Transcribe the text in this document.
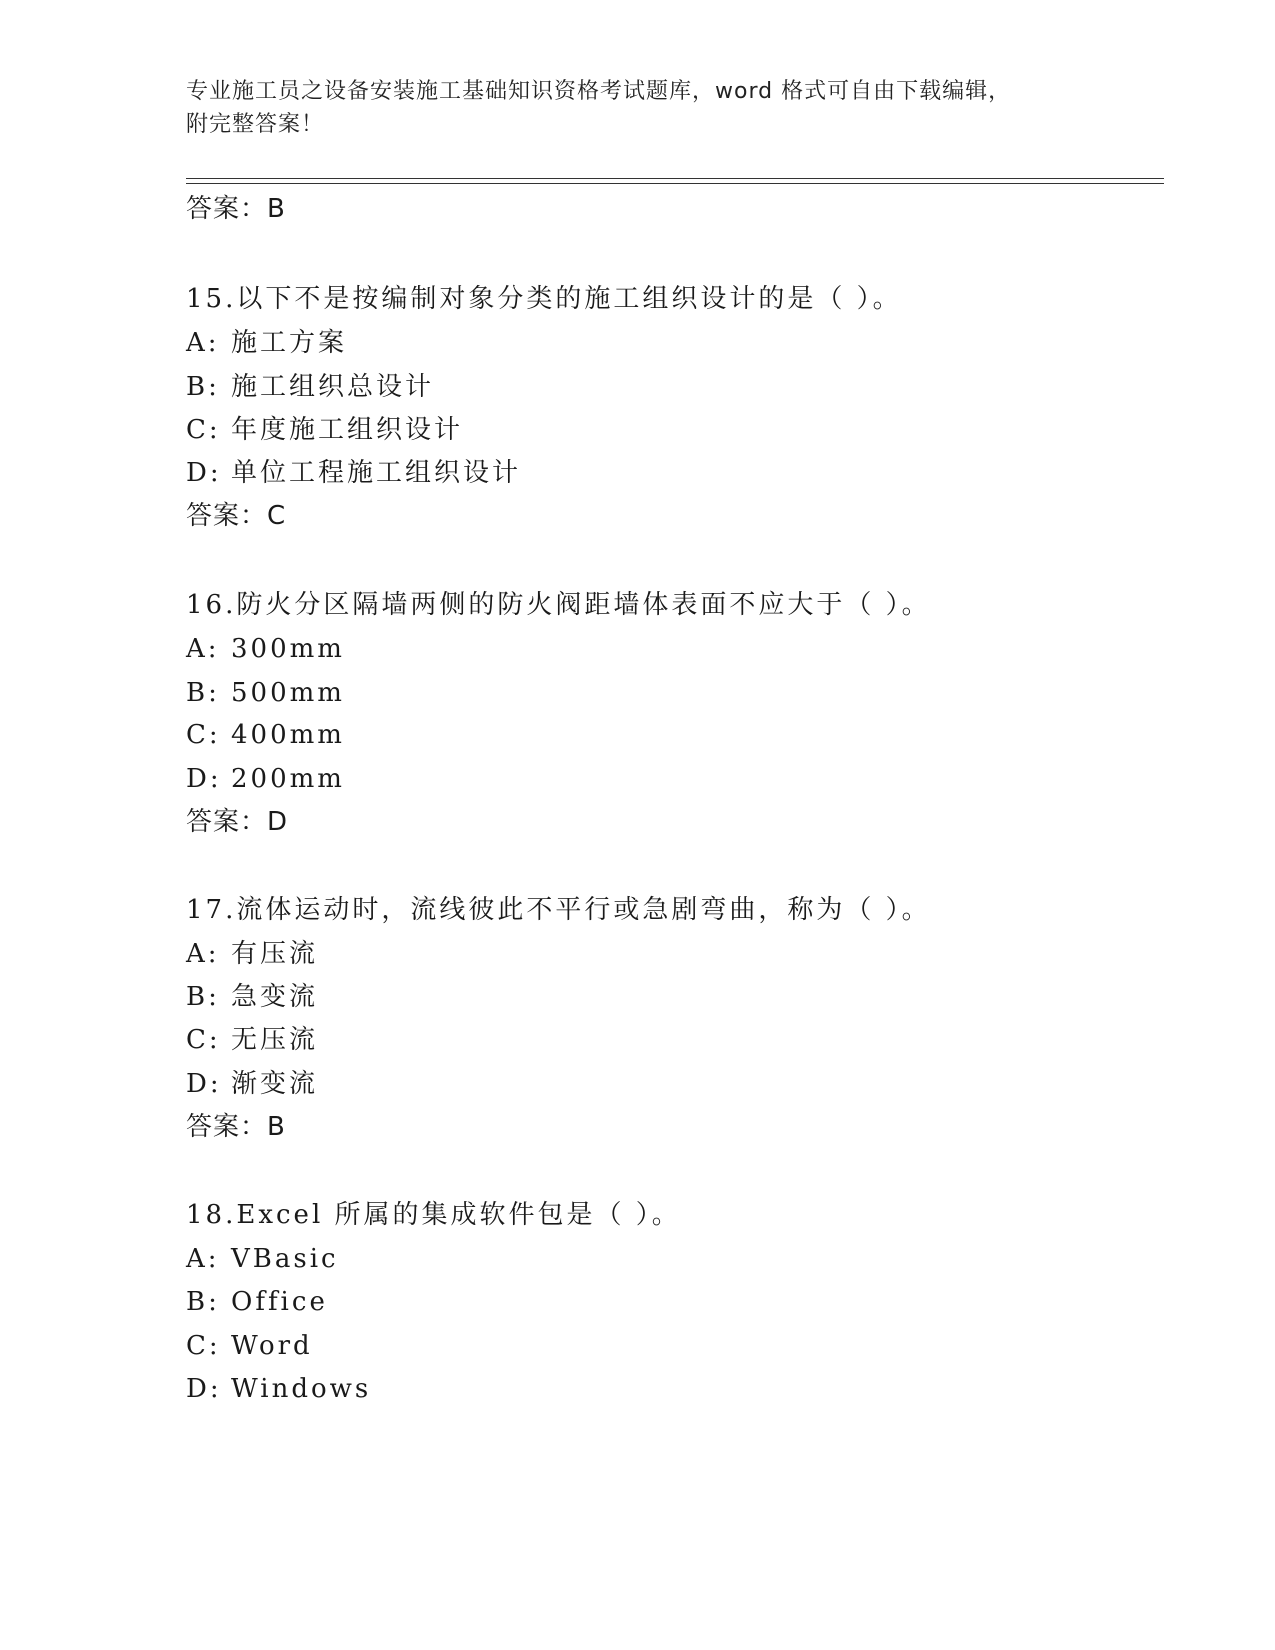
专业施工员之设备安装施工基础知识资格考试题库，word 格式可自由下载编辑，
附完整答案！
答案：B
15.以下不是按编制对象分类的施工组织设计的是（ ）。
A: 施工方案
B: 施工组织总设计
C: 年度施工组织设计
D: 单位工程施工组织设计
答案：C
16.防火分区隔墙两侧的防火阀距墙体表面不应大于（ ）。
A: 300mm
B: 500mm
C: 400mm
D: 200mm
答案：D
17.流体运动时，流线彼此不平行或急剧弯曲，称为（ ）。
A: 有压流
B: 急变流
C: 无压流
D: 渐变流
答案：B
18.Excel 所属的集成软件包是（ ）。
A: VBasic
B: Office
C: Word
D: Windows
